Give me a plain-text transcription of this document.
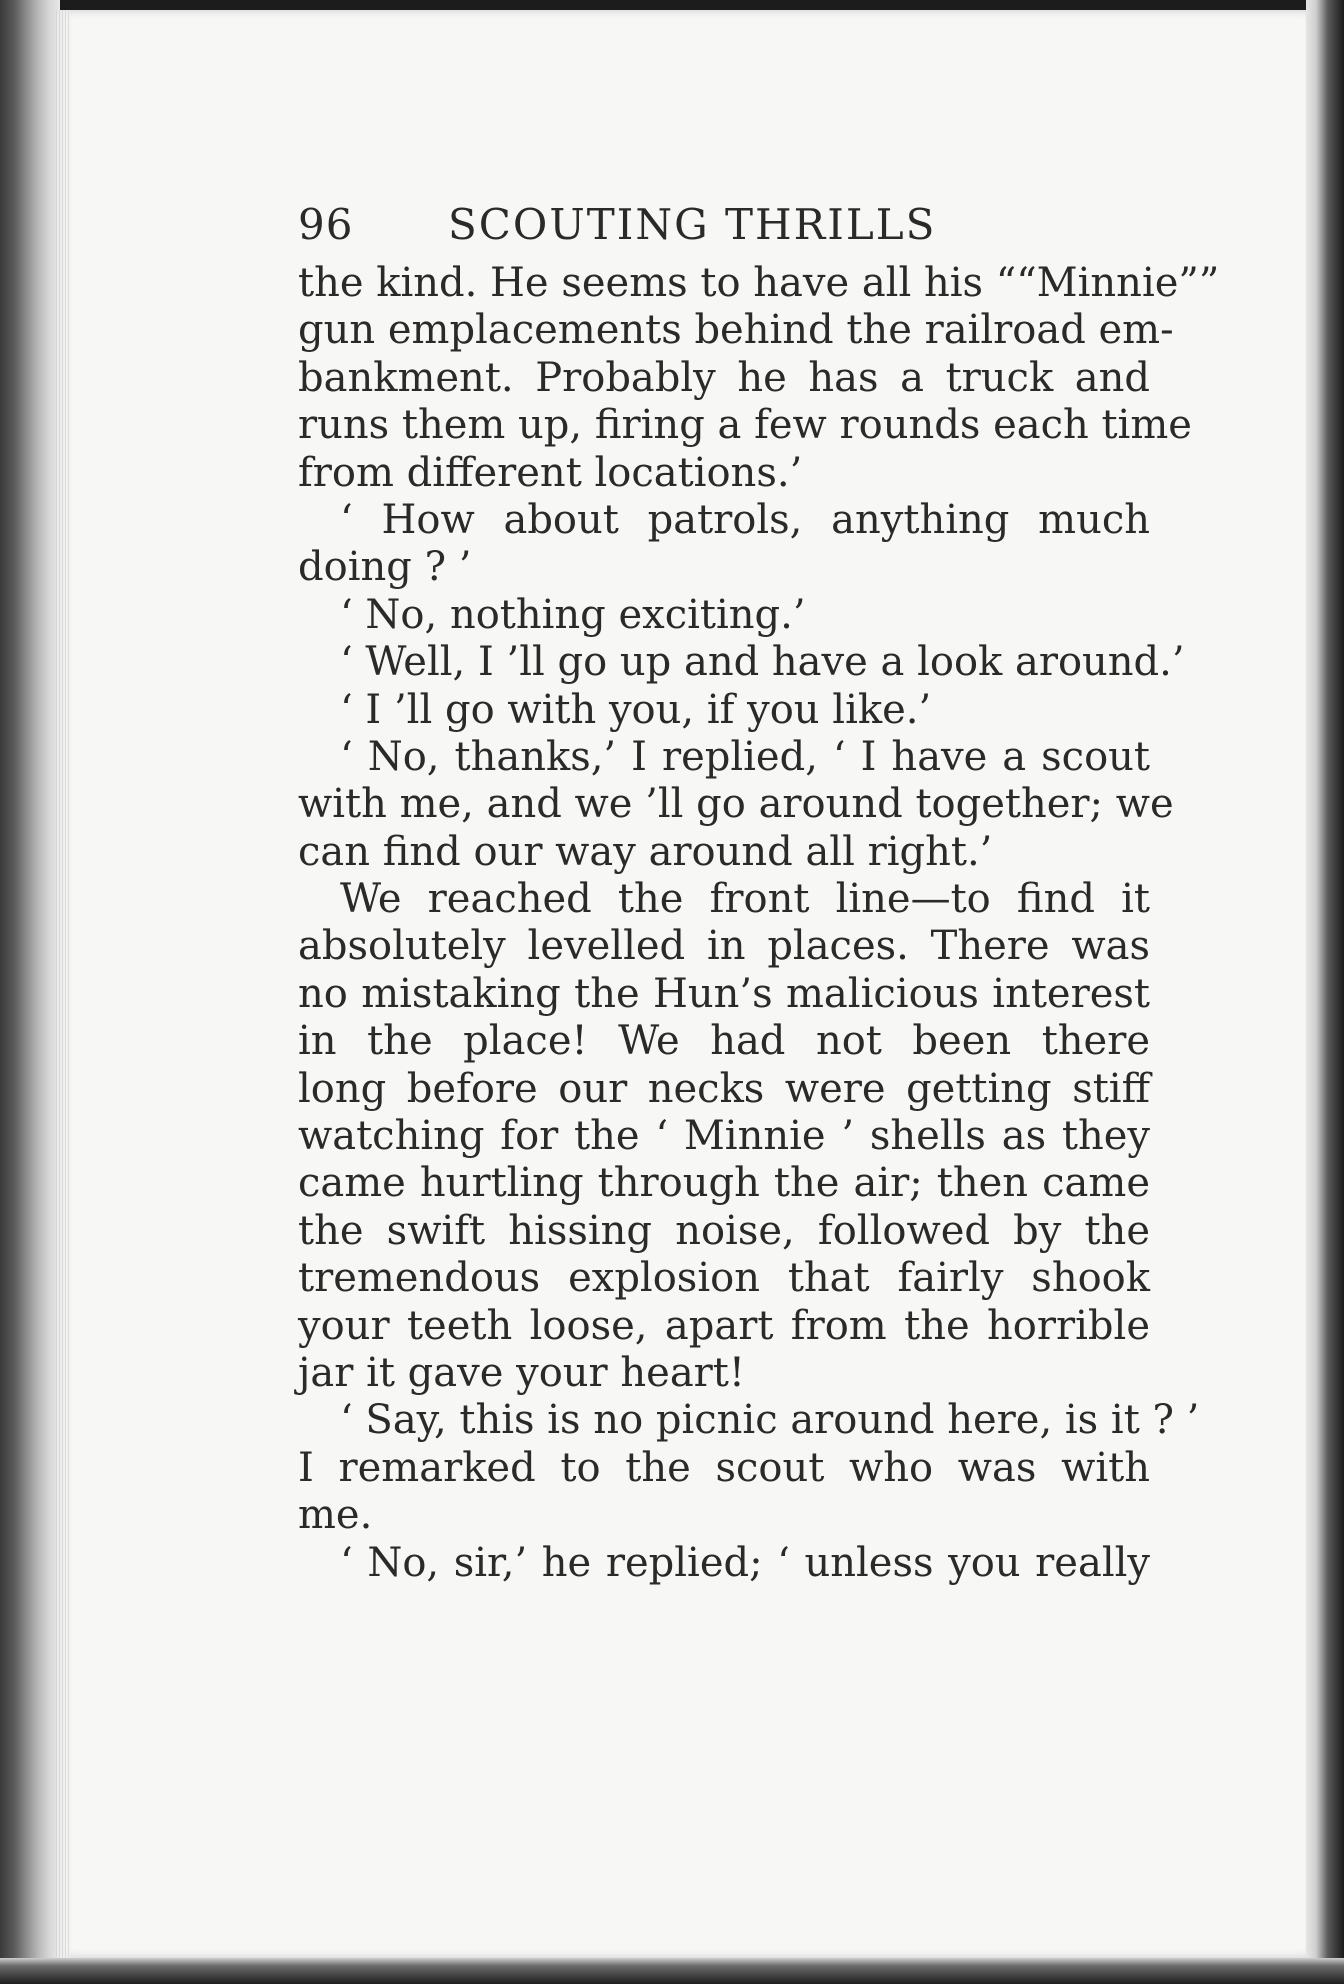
96	SCOUTING THRILLS
the kind. He seems to have all his ““Minnie””
gun emplacements behind the railroad em-
bankment. Probably he has a truck and
runs them up, firing a few rounds each time
from different locations.’
‘ How about patrols, anything much
doing ? ’
‘ No, nothing exciting.’
‘ Well, I ’ll go up and have a look around.’
‘ I ’ll go with you, if you like.’
‘ No, thanks,’ I replied, ‘ I have a scout
with me, and we ’ll go around together; we
can find our way around all right.’
We reached the front line—to find it
absolutely levelled in places. There was
no mistaking the Hun’s malicious interest
in the place! We had not been there
long before our necks were getting stiff
watching for the ‘ Minnie ’ shells as they
came hurtling through the air; then came
the swift hissing noise, followed by the
tremendous explosion that fairly shook
your teeth loose, apart from the horrible
jar it gave your heart!
‘ Say, this is no picnic around here, is it ? ’
I remarked to the scout who was with
me.
‘ No, sir,’ he replied; ‘ unless you really
